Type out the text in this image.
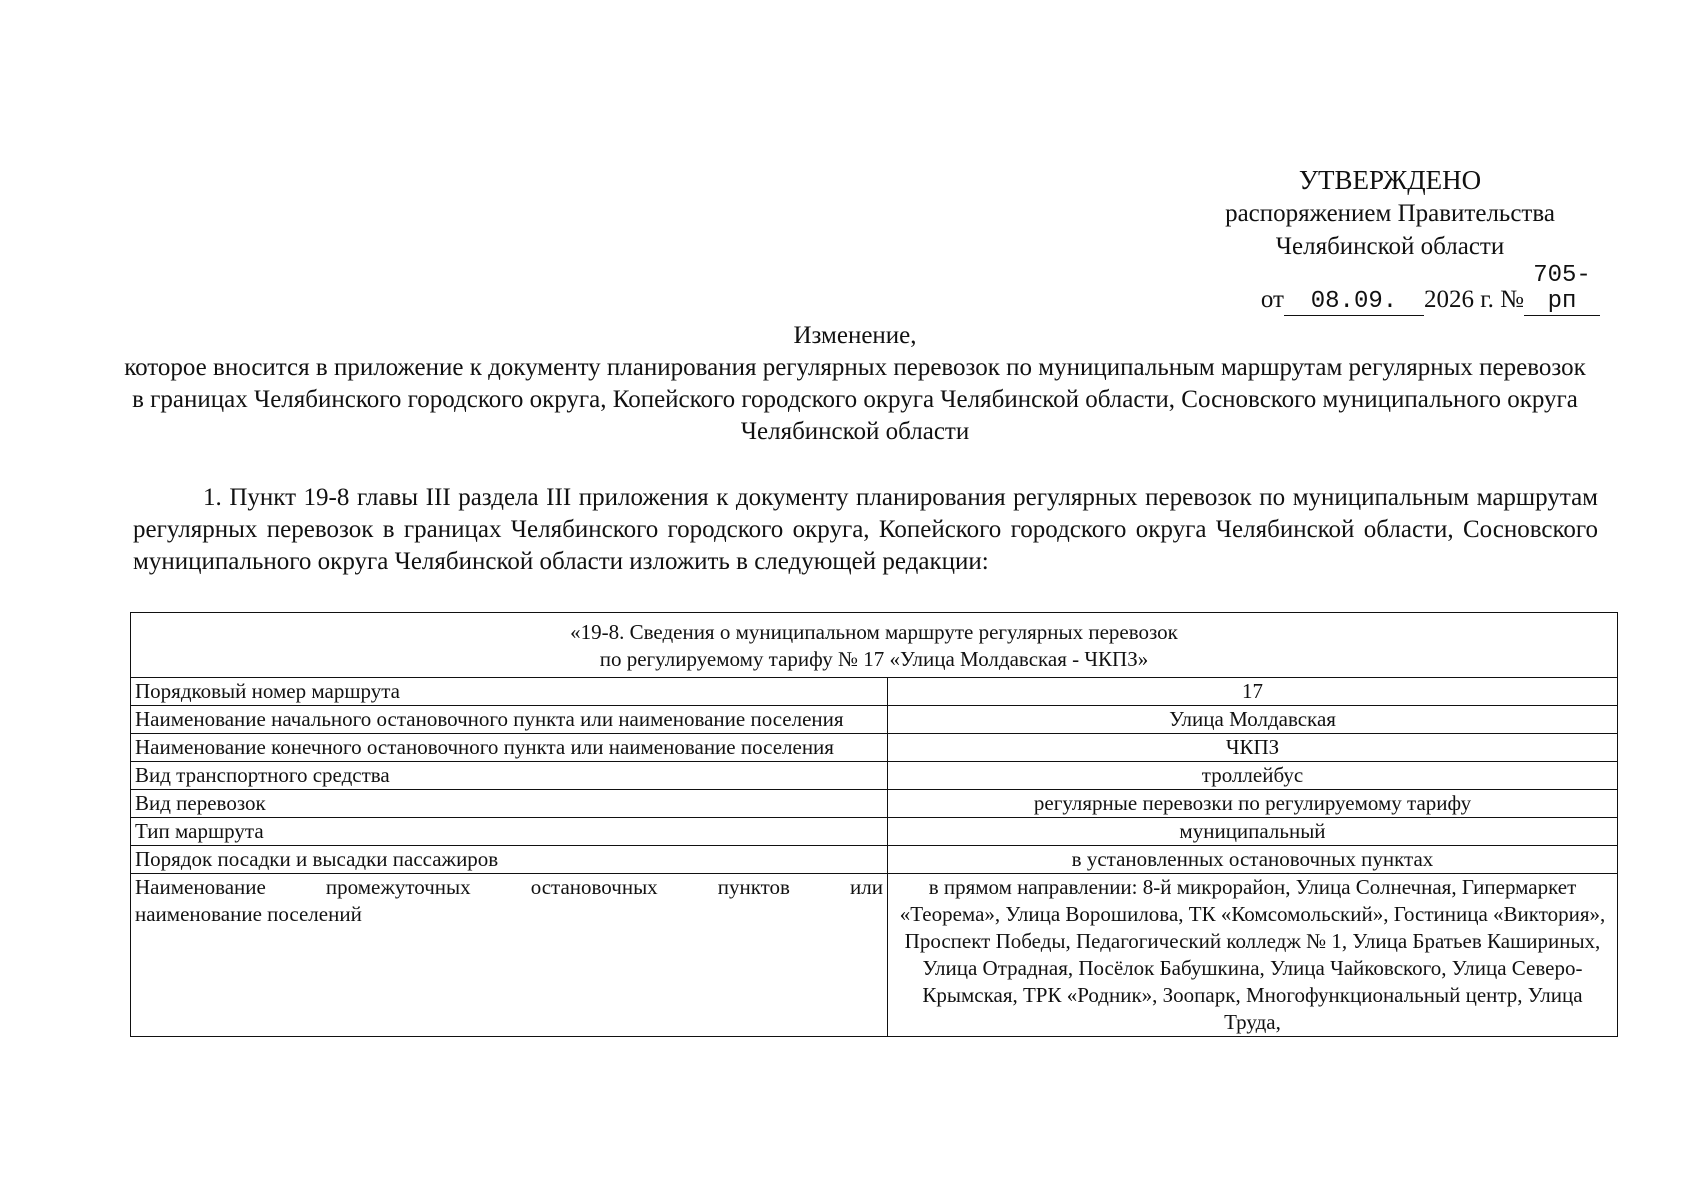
УТВЕРЖДЕНО
распоряжением Правительства
Челябинской области
от 08.09. 2026 г. №705-рп
Изменение,
которое вносится в приложение к документу планирования регулярных перевозок по муниципальным маршрутам регулярных перевозок в границах Челябинского городского округа, Копейского городского округа Челябинской области, Сосновского муниципального округа Челябинской области
1. Пункт 19-8 главы III раздела III приложения к документу планирования регулярных перевозок по муниципальным маршрутам регулярных перевозок в границах Челябинского городского округа, Копейского городского округа Челябинской области, Сосновского муниципального округа Челябинской области изложить в следующей редакции:
«19-8. Сведения о муниципальном маршруте регулярных перевозок
по регулируемому тарифу № 17 «Улица Молдавская - ЧКПЗ»	

Порядковый номер маршрута	17
Наименование начального остановочного пункта или наименование поселения	Улица Молдавская
Наименование конечного остановочного пункта или наименование поселения	ЧКПЗ
Вид транспортного средства	троллейбус
Вид перевозок	регулярные перевозки по регулируемому тарифу
Тип маршрута	муниципальный
Порядок посадки и высадки пассажиров	в установленных остановочных пунктах

Наименование промежуточных остановочных пунктов или
наименование поселений	в прямом направлении: 8-й микрорайон, Улица Солнечная, Гипермаркет «Теорема», Улица Ворошилова, ТК «Комсомольский», Гостиница «Виктория», Проспект Победы, Педагогический колледж № 1, Улица Братьев Кашириных, Улица Отрадная, Посёлок Бабушкина, Улица Чайковского, Улица Северо-Крымская, ТРК «Родник», Зоопарк, Многофункциональный центр, Улица Труда,
